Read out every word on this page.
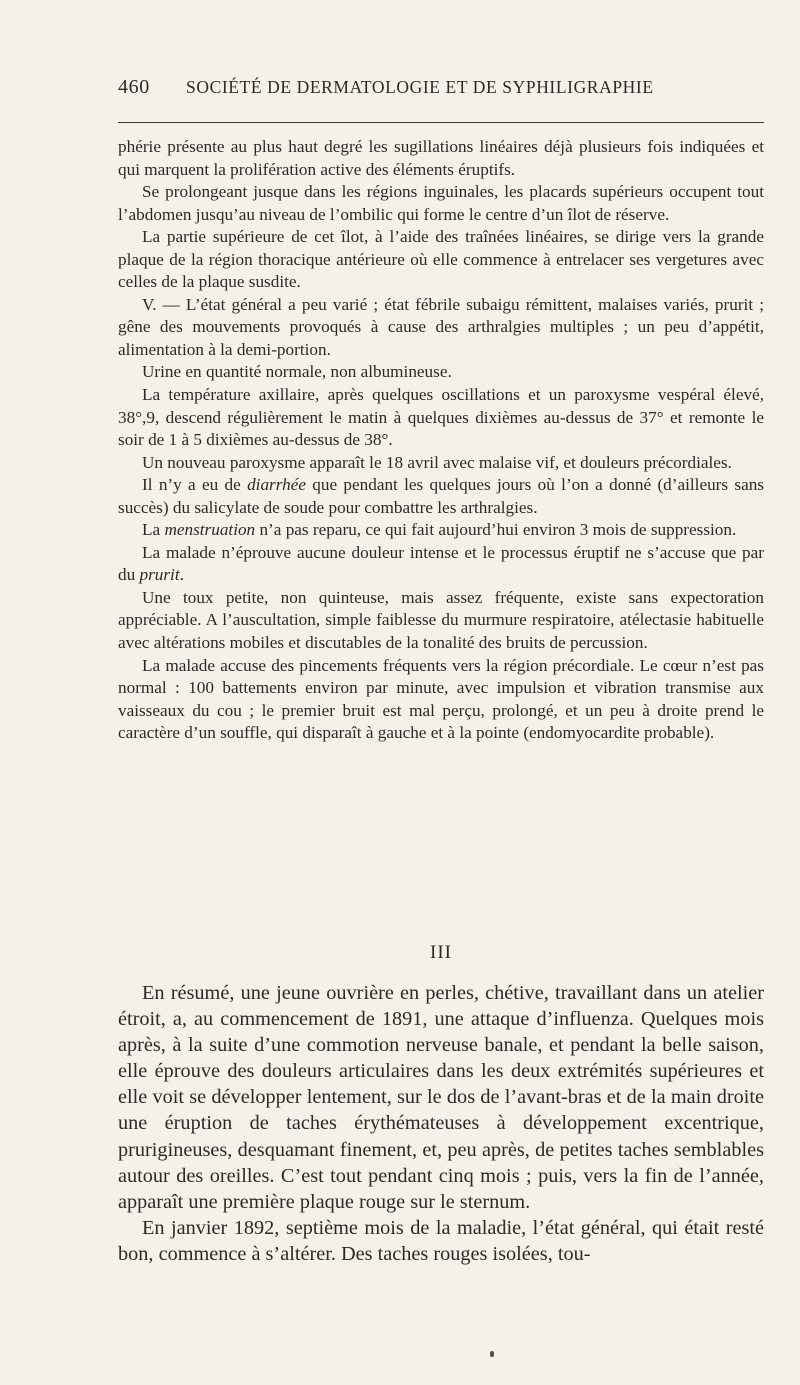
460	SOCIÉTÉ DE DERMATOLOGIE ET DE SYPHILIGRAPHIE

phérie présente au plus haut degré les sugillations linéaires déjà plusieurs fois indiquées et qui marquent la prolifération active des éléments éruptifs.

Se prolongeant jusque dans les régions inguinales, les placards supérieurs occupent tout l’abdomen jusqu’au niveau de l’ombilic qui forme le centre d’un îlot de réserve.

La partie supérieure de cet îlot, à l’aide des traînées linéaires, se dirige vers la grande plaque de la région thoracique antérieure où elle commence à entrelacer ses vergetures avec celles de la plaque susdite.

V. — L’état général a peu varié ; état fébrile subaigu rémittent, malaises variés, prurit ; gêne des mouvements provoqués à cause des arthralgies multiples ; un peu d’appétit, alimentation à la demi-portion.

Urine en quantité normale, non albumineuse.

La température axillaire, après quelques oscillations et un paroxysme vespéral élevé, 38°,9, descend régulièrement le matin à quelques dixièmes au-dessus de 37° et remonte le soir de 1 à 5 dixièmes au-dessus de 38°.

Un nouveau paroxysme apparaît le 18 avril avec malaise vif, et douleurs précordiales.

Il n’y a eu de diarrhée que pendant les quelques jours où l’on a donné (d’ailleurs sans succès) du salicylate de soude pour combattre les arthralgies.

La menstruation n’a pas reparu, ce qui fait aujourd’hui environ 3 mois de suppression.

La malade n’éprouve aucune douleur intense et le processus éruptif ne s’accuse que par du prurit.

Une toux petite, non quinteuse, mais assez fréquente, existe sans expectoration appréciable. A l’auscultation, simple faiblesse du murmure respiratoire, atélectasie habituelle avec altérations mobiles et discutables de la tonalité des bruits de percussion.

La malade accuse des pincements fréquents vers la région précordiale. Le cœur n’est pas normal : 100 battements environ par minute, avec impulsion et vibration transmise aux vaisseaux du cou ; le premier bruit est mal perçu, prolongé, et un peu à droite prend le caractère d’un souffle, qui disparaît à gauche et à la pointe (endomyocardite probable).

III

En résumé, une jeune ouvrière en perles, chétive, travaillant dans un atelier étroit, a, au commencement de 1891, une attaque d’influenza. Quelques mois après, à la suite d’une commotion nerveuse banale, et pendant la belle saison, elle éprouve des douleurs articulaires dans les deux extrémités supérieures et elle voit se développer lentement, sur le dos de l’avant-bras et de la main droite une éruption de taches érythémateuses à développement excentrique, prurigineuses, desquamant finement, et, peu après, de petites taches semblables autour des oreilles. C’est tout pendant cinq mois ; puis, vers la fin de l’année, apparaît une première plaque rouge sur le sternum.

En janvier 1892, septième mois de la maladie, l’état général, qui était resté bon, commence à s’altérer. Des taches rouges isolées, tou-
